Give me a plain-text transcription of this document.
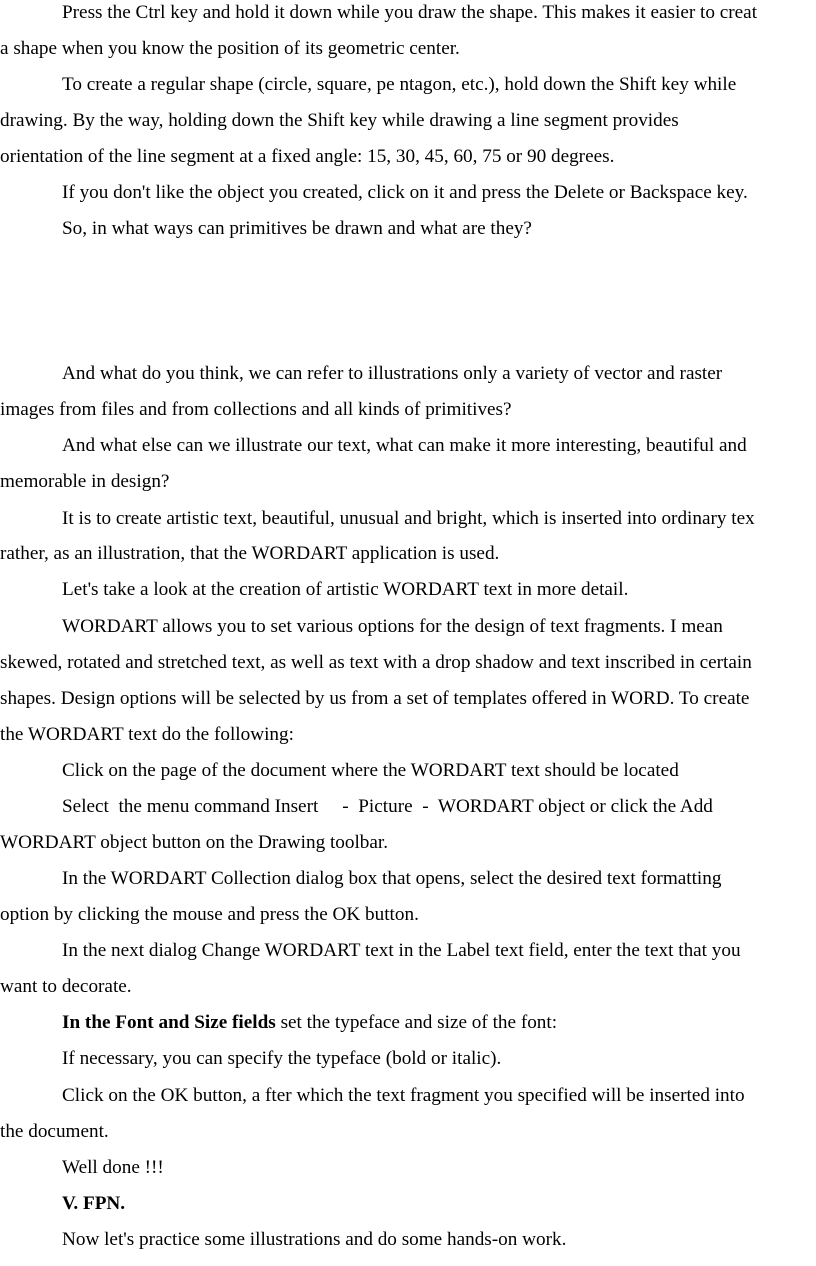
Press the Ctrl key and hold it down while you draw the shape. This makes it easier to creat
a shape when you know the position of its geometric center.
To create a regular shape (circle, square, pe ntagon, etc.), hold down the Shift key while
drawing. By the way, holding down the Shift key while drawing a line segment provides
orientation of the line segment at a fixed angle: 15, 30, 45, 60, 75 or 90 degrees.
If you don't like the object you created, click on it and press the Delete or Backspace key.
So, in what ways can primitives be drawn and what are they?
And what do you think, we can refer to illustrations only a variety of vector and raster
images from files and from collections and all kinds of primitives?
And what else can we illustrate our text, what can make it more interesting, beautiful and
memorable in design?
It is to create artistic text, beautiful, unusual and bright, which is inserted into ordinary tex
rather, as an illustration, that the WORDART application is used.
Let's take a look at the creation of artistic WORDART text in more detail.
WORDART allows you to set various options for the design of text fragments. I mean
skewed, rotated and stretched text, as well as text with a drop shadow and text inscribed in certain
shapes. Design options will be selected by us from a set of templates offered in WORD. To create
the WORDART text do the following:
Click on the page of the document where the WORDART text should be located
Select  the menu command Insert     -  Picture  -  WORDART object or click the Add
WORDART object button on the Drawing toolbar.
In the WORDART Collection dialog box that opens, select the desired text formatting
option by clicking the mouse and press the OK button.
In the next dialog Change WORDART text in the Label text field, enter the text that you
want to decorate.
In the Font and Size fields set the typeface and size of the font:
If necessary, you can specify the typeface (bold or italic).
Click on the OK button, a fter which the text fragment you specified will be inserted into
the document.
Well done !!!
V. FPN.
Now let's practice some illustrations and do some hands-on work.
